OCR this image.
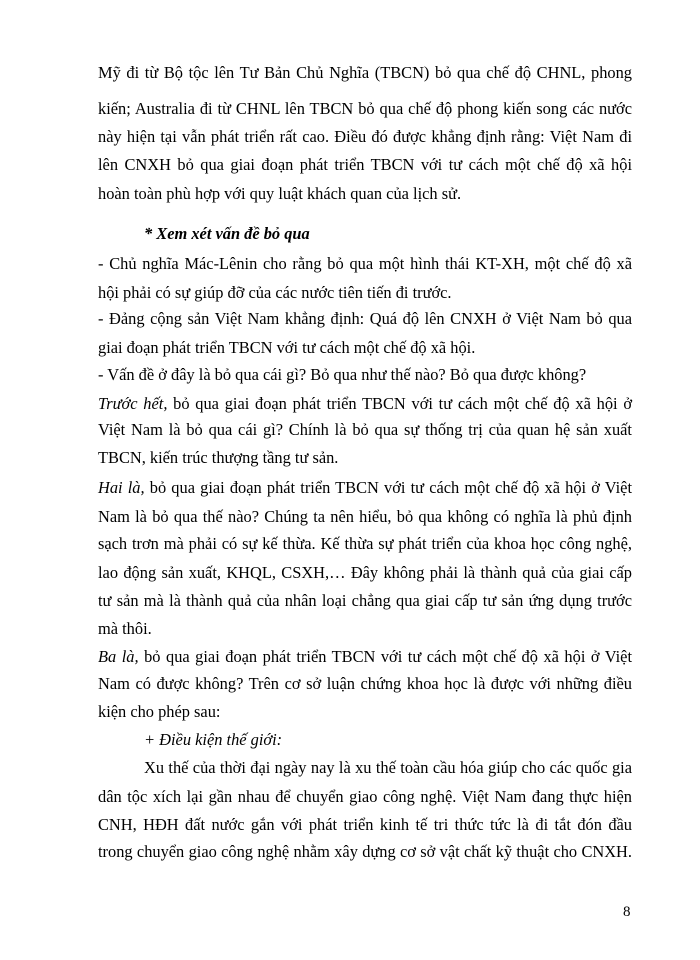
Mỹ đi từ Bộ tộc lên Tư Bản Chủ Nghĩa (TBCN) bỏ qua chế độ CHNL, phong
kiến; Australia đi từ CHNL lên TBCN bỏ qua chế độ phong kiến song các nước
này hiện tại vẫn phát triển rất cao. Điều đó được khẳng định rằng: Việt Nam đi
lên CNXH bỏ qua giai đoạn phát triển TBCN với tư cách một chế độ xã hội
hoàn toàn phù hợp với quy luật khách quan của lịch sử.
* Xem xét vấn đề bỏ qua
- Chủ nghĩa Mác-Lênin cho rằng bỏ qua một hình thái KT-XH, một chế độ xã
hội phải có sự giúp đỡ của các nước tiên tiến đi trước.
- Đảng cộng sản Việt Nam khẳng định: Quá độ lên CNXH ở Việt Nam bỏ qua
giai đoạn phát triển TBCN với tư cách một chế độ xã hội.
- Vấn đề ở đây là bỏ qua cái gì? Bỏ qua như thế nào? Bỏ qua được không?
Trước hết, bỏ qua giai đoạn phát triển TBCN với tư cách một chế độ xã hội ở
Việt Nam là bỏ qua cái gì? Chính là bỏ qua sự thống trị của quan hệ sản xuất
TBCN, kiến trúc thượng tầng tư sản.
Hai là, bỏ qua giai đoạn phát triển TBCN với tư cách một chế độ xã hội ở Việt
Nam là bỏ qua thế nào? Chúng ta nên hiểu, bỏ qua không có nghĩa là phủ định
sạch trơn mà phải có sự kế thừa. Kế thừa sự phát triển của khoa học công nghệ,
lao động sản xuất, KHQL, CSXH,… Đây không phải là thành quả của giai cấp
tư sản mà là thành quả của nhân loại chẳng qua giai cấp tư sản ứng dụng trước
mà thôi.
Ba là, bỏ qua giai đoạn phát triển TBCN với tư cách một chế độ xã hội ở Việt
Nam có được không? Trên cơ sở luận chứng khoa học là được với những điều
kiện cho phép sau:
+ Điều kiện thế giới:
Xu thế của thời đại ngày nay là xu thế toàn cầu hóa giúp cho các quốc gia
dân tộc xích lại gần nhau để chuyển giao công nghệ. Việt Nam đang thực hiện
CNH, HĐH đất nước gắn với phát triển kinh tế tri thức tức là đi tắt đón đầu
trong chuyển giao công nghệ nhằm xây dựng cơ sở vật chất kỹ thuật cho CNXH.
8
